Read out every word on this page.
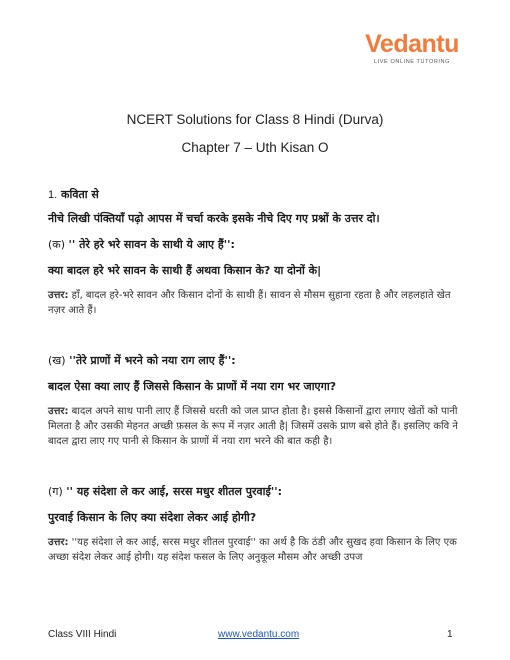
Vedantu
LIVE ONLINE TUTORING
NCERT Solutions for Class 8 Hindi (Durva)
Chapter 7 – Uth Kisan O

1. कविता से

नीचे लिखी पंक्तियाँ पढ़ो आपस में चर्चा करके इसके नीचे दिए गए प्रश्नों के उत्तर दो।

(क) '' तेरे हरे भरे सावन के साथी ये आए हैं'':

क्या बादल हरे भरे सावन के साथी हैं अथवा किसान के? या दोनों के|

उत्तर: हाँ, बादल हरे-भरे सावन और किसान दोनों के साथी हैं। सावन से मौसम सुहाना रहता है और लहलहाते खेत नज़र आते हैं।

(ख) ''तेरे प्राणों में भरने को नया राग लाए हैं'':

बादल ऐसा क्या लाए हैं जिससे किसान के प्राणों में नया राग भर जाएगा?

उत्तर: बादल अपने साथ पानी लाए हैं जिससे धरती को जल प्राप्त होता है। इससे किसानों द्वारा लगाए खेतों को पानी मिलता है और उसकी मेहनत अच्छी फ़सल के रूप में नज़र आती है| जिसमें उसके प्राण बसे होते हैं। इसलिए कवि ने बादल द्वारा लाए गए पानी से किसान के प्राणों में नया राग भरने की बात कही है।

(ग) '' यह संदेशा ले कर आई, सरस मधुर शीतल पुरवाई'':

पुरवाई किसान के लिए क्या संदेशा लेकर आई होगी?

उत्तर: ''यह संदेशा ले कर आई, सरस मधुर शीतल पुरवाई'' का अर्थ है कि ठंडी और सुखद हवा किसान के लिए एक अच्छा संदेश लेकर आई होगी। यह संदेश फसल के लिए अनुकूल मौसम और अच्छी उपज

Class VIII Hindi	www.vedantu.com	1
